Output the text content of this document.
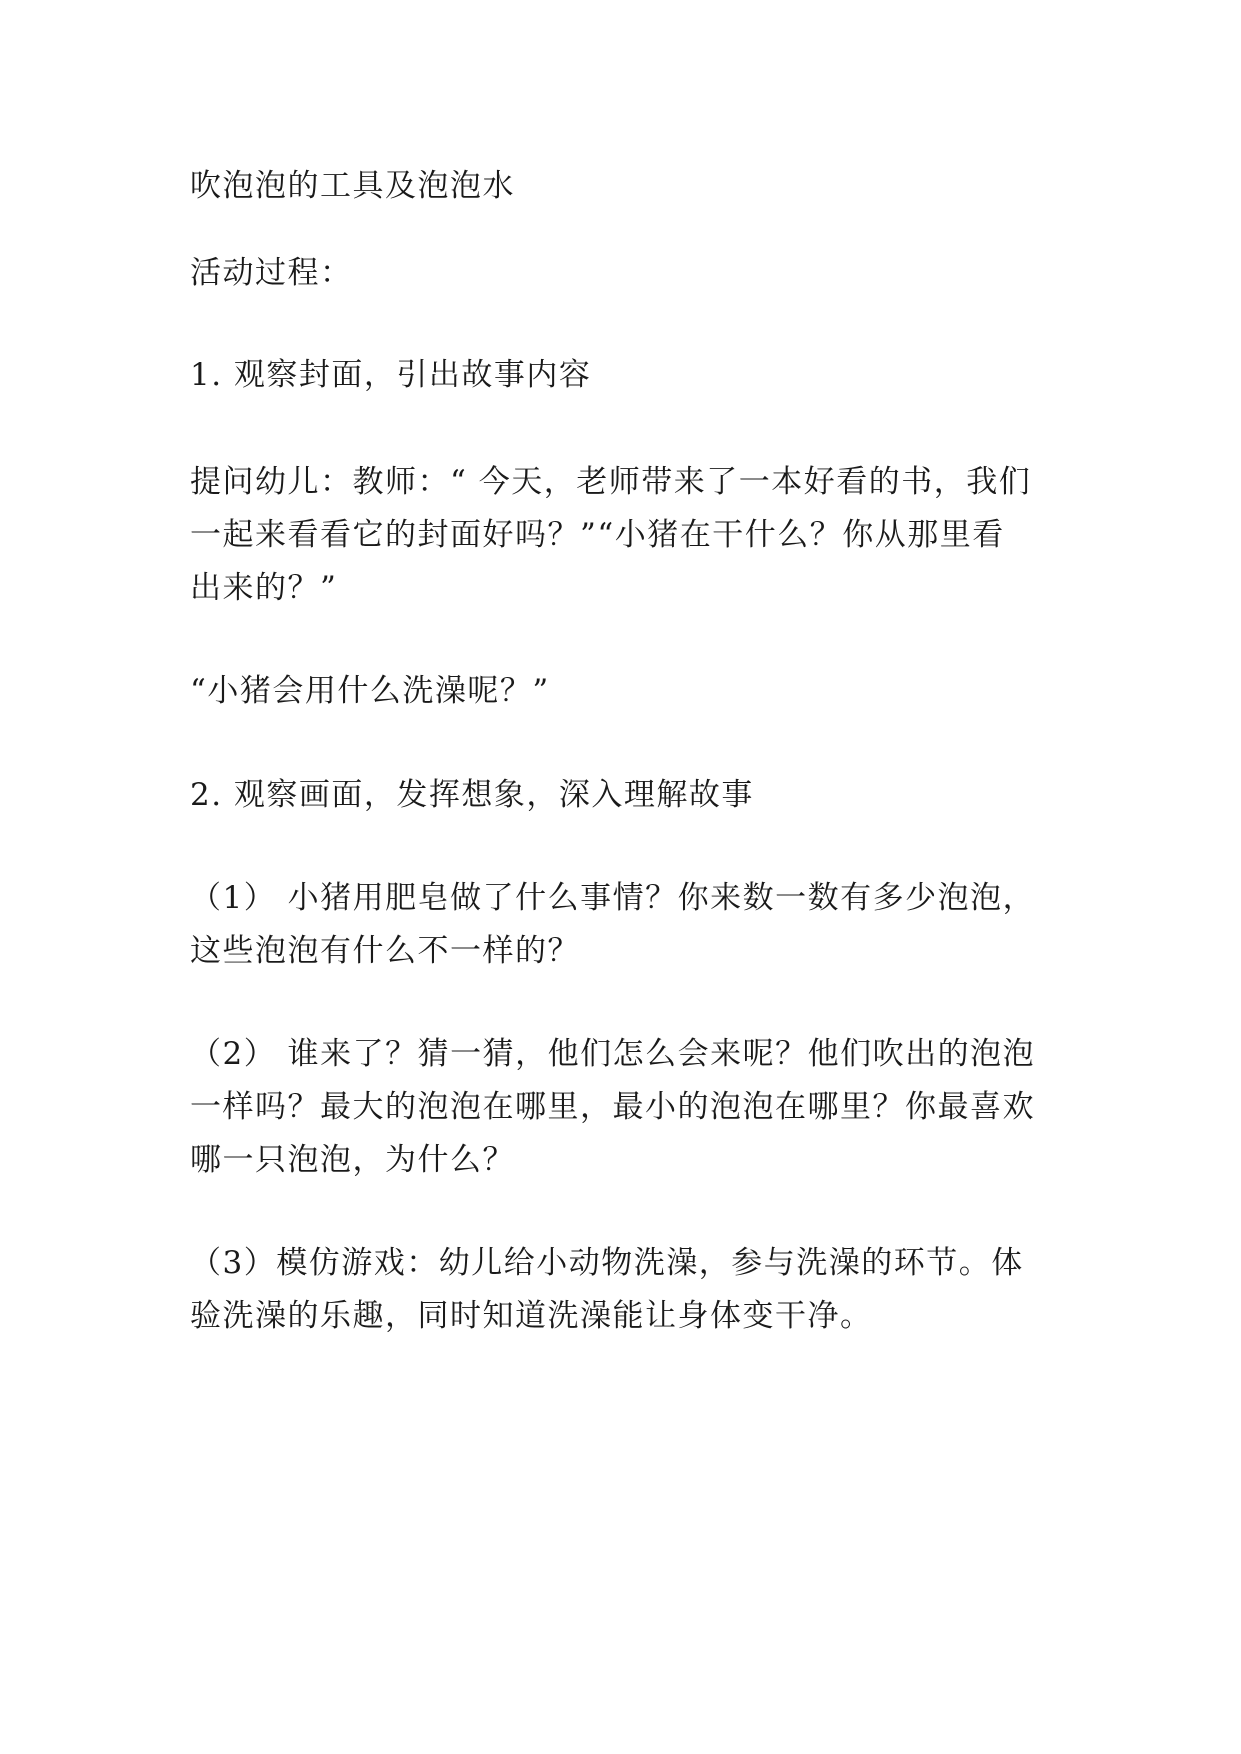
吹泡泡的工具及泡泡水

活动过程：

1. 观察封面，引出故事内容

提问幼儿：教师：“ 今天，老师带来了一本好看的书，我们

一起来看看它的封面好吗？”“小猪在干什么？你从那里看

出来的？”

“小猪会用什么洗澡呢？”

2. 观察画面，发挥想象，深入理解故事

（1） 小猪用肥皂做了什么事情？你来数一数有多少泡泡，

这些泡泡有什么不一样的？

（2） 谁来了？猜一猜，他们怎么会来呢？他们吹出的泡泡

一样吗？最大的泡泡在哪里，最小的泡泡在哪里？你最喜欢

哪一只泡泡，为什么？

（3）模仿游戏：幼儿给小动物洗澡，参与洗澡的环节。体

验洗澡的乐趣，同时知道洗澡能让身体变干净。
